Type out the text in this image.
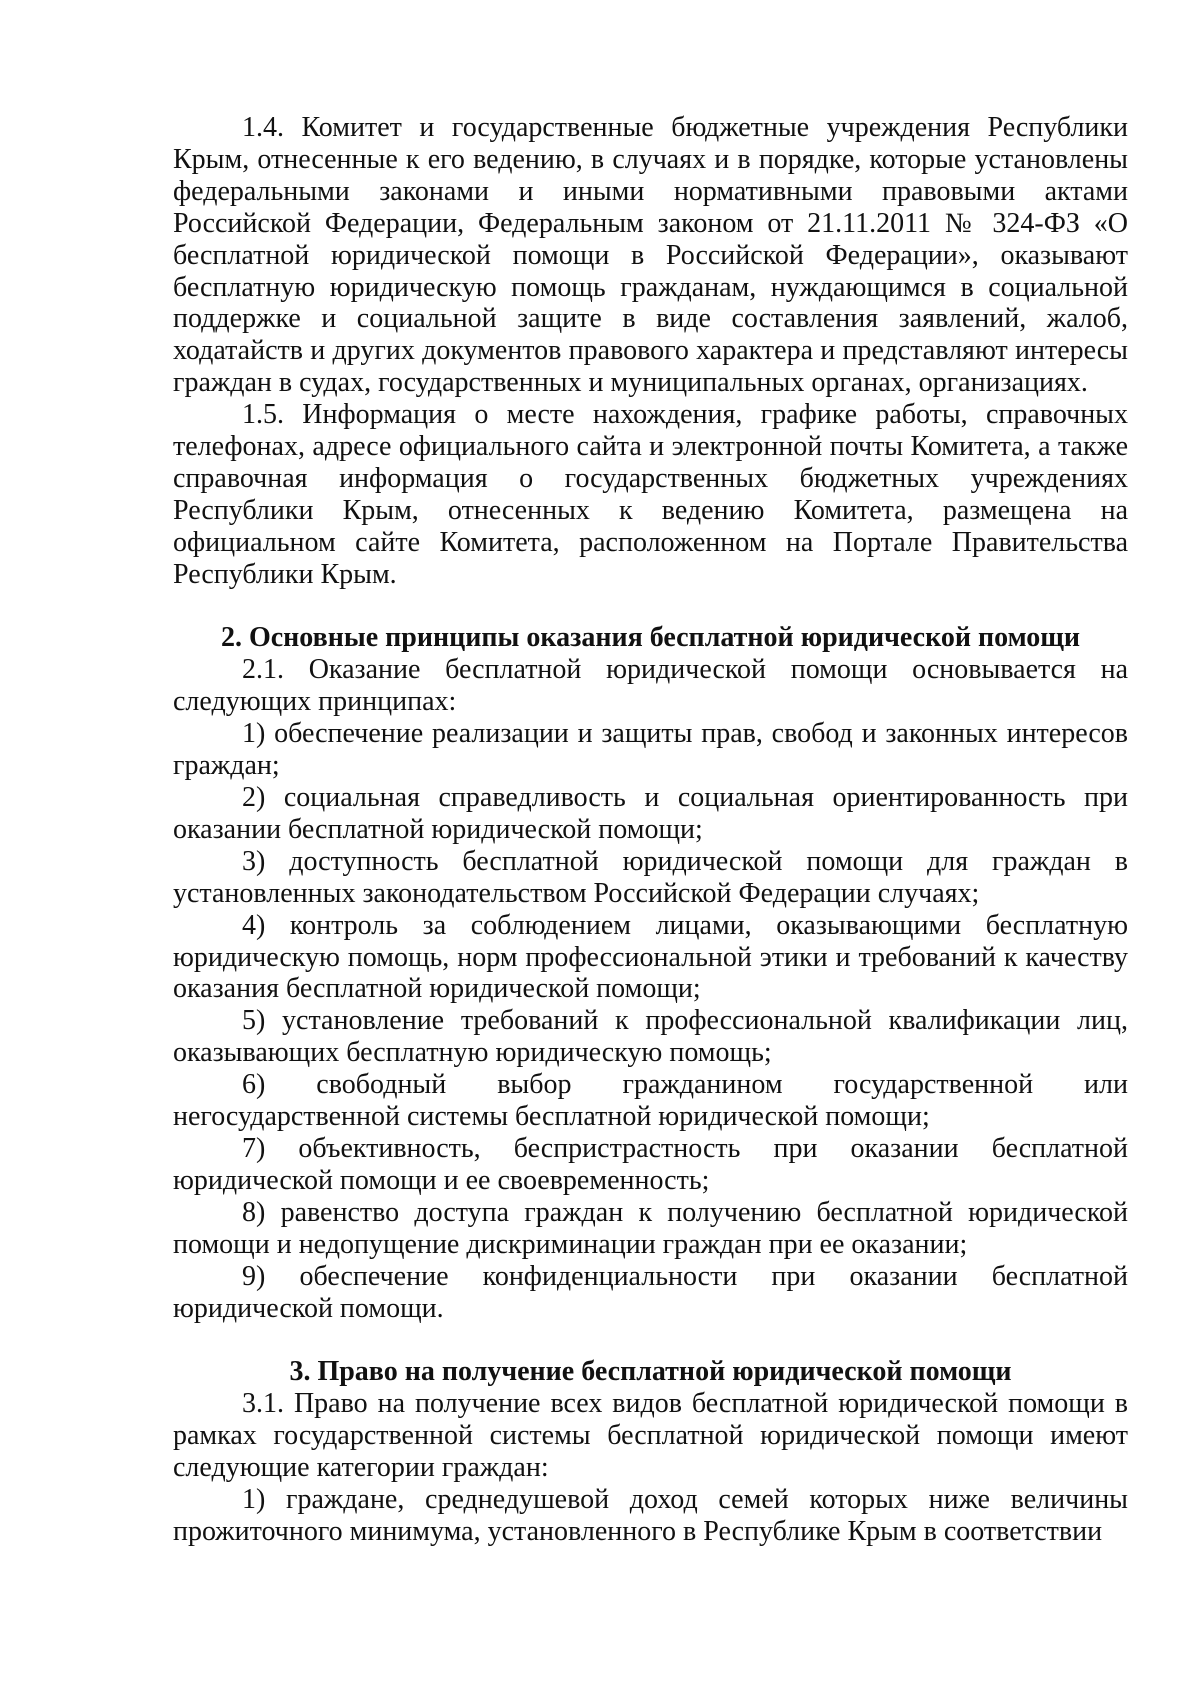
1.4. Комитет и государственные бюджетные учреждения Республики Крым, отнесенные к его ведению, в случаях и в порядке, которые установлены федеральными законами и иными нормативными правовыми актами Российской Федерации, Федеральным законом от 21.11.2011 № 324-ФЗ «О бесплатной юридической помощи в Российской Федерации», оказывают бесплатную юридическую помощь гражданам, нуждающимся в социальной поддержке и социальной защите в виде составления заявлений, жалоб, ходатайств и других документов правового характера и представляют интересы граждан в судах, государственных и муниципальных органах, организациях.

1.5. Информация о месте нахождения, графике работы, справочных телефонах, адресе официального сайта и электронной почты Комитета, а также справочная информация о государственных бюджетных учреждениях Республики Крым, отнесенных к ведению Комитета, размещена на официальном сайте Комитета, расположенном на Портале Правительства Республики Крым.

2. Основные принципы оказания бесплатной юридической помощи

2.1. Оказание бесплатной юридической помощи основывается на следующих принципах:

1) обеспечение реализации и защиты прав, свобод и законных интересов граждан;

2) социальная справедливость и социальная ориентированность при оказании бесплатной юридической помощи;

3) доступность бесплатной юридической помощи для граждан в установленных законодательством Российской Федерации случаях;

4) контроль за соблюдением лицами, оказывающими бесплатную юридическую помощь, норм профессиональной этики и требований к качеству оказания бесплатной юридической помощи;

5) установление требований к профессиональной квалификации лиц, оказывающих бесплатную юридическую помощь;

6) свободный выбор гражданином государственной или негосударственной системы бесплатной юридической помощи;

7) объективность, беспристрастность при оказании бесплатной юридической помощи и ее своевременность;

8) равенство доступа граждан к получению бесплатной юридической помощи и недопущение дискриминации граждан при ее оказании;

9) обеспечение конфиденциальности при оказании бесплатной юридической помощи.

3. Право на получение бесплатной юридической помощи

3.1. Право на получение всех видов бесплатной юридической помощи в рамках государственной системы бесплатной юридической помощи имеют следующие категории граждан:

1) граждане, среднедушевой доход семей которых ниже величины прожиточного минимума, установленного в Республике Крым в соответствии
